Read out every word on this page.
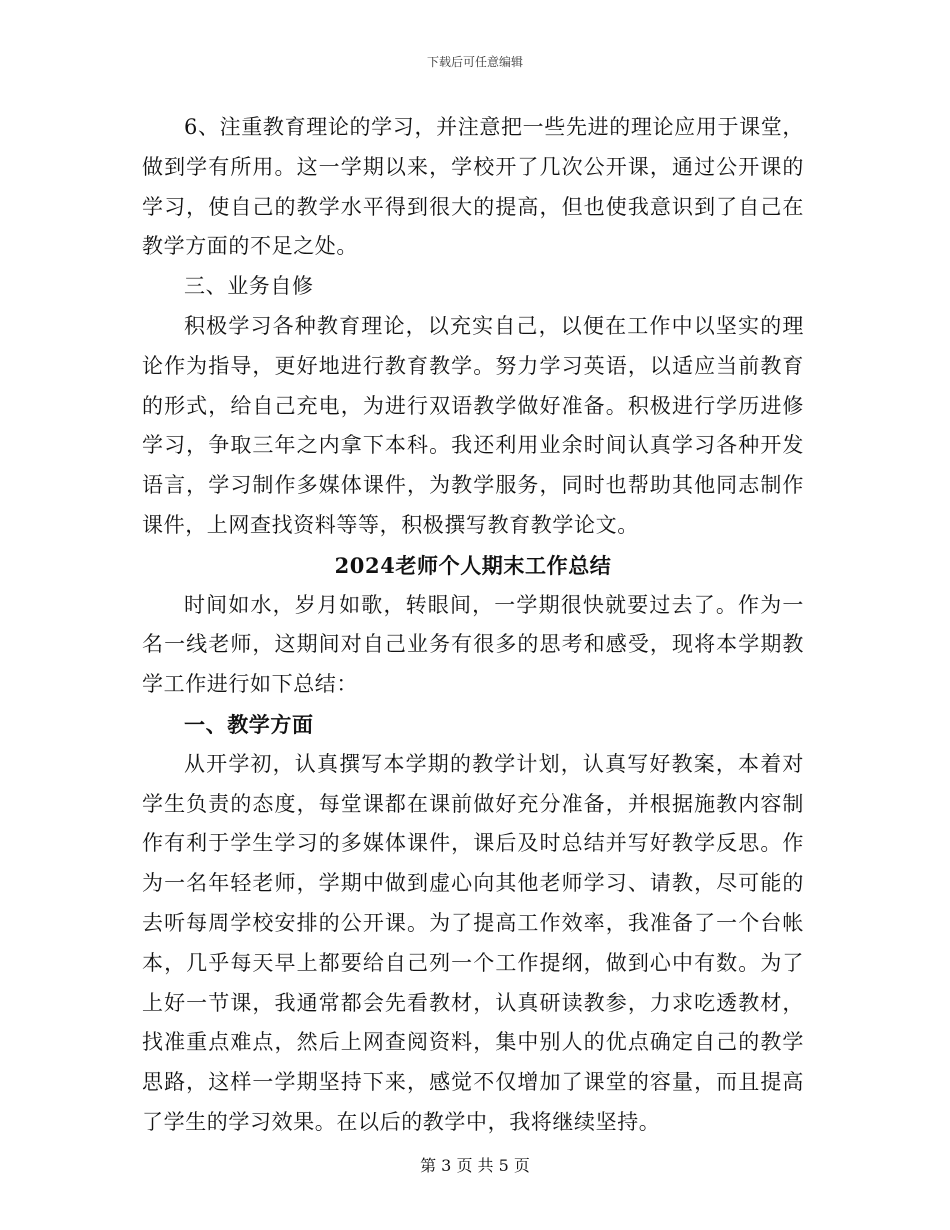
下载后可任意编辑

6、注重教育理论的学习，并注意把一些先进的理论应用于课堂，做到学有所用。这一学期以来，学校开了几次公开课，通过公开课的学习，使自己的教学水平得到很大的提高，但也使我意识到了自己在教学方面的不足之处。

三、业务自修

积极学习各种教育理论，以充实自己，以便在工作中以坚实的理论作为指导，更好地进行教育教学。努力学习英语，以适应当前教育的形式，给自己充电，为进行双语教学做好准备。积极进行学历进修学习，争取三年之内拿下本科。我还利用业余时间认真学习各种开发语言，学习制作多媒体课件，为教学服务，同时也帮助其他同志制作课件，上网查找资料等等，积极撰写教育教学论文。

2024老师个人期末工作总结

时间如水，岁月如歌，转眼间，一学期很快就要过去了。作为一名一线老师，这期间对自己业务有很多的思考和感受，现将本学期教学工作进行如下总结：

一、教学方面

从开学初，认真撰写本学期的教学计划，认真写好教案，本着对学生负责的态度，每堂课都在课前做好充分准备，并根据施教内容制作有利于学生学习的多媒体课件，课后及时总结并写好教学反思。作为一名年轻老师，学期中做到虚心向其他老师学习、请教，尽可能的去听每周学校安排的公开课。为了提高工作效率，我准备了一个台帐本，几乎每天早上都要给自己列一个工作提纲，做到心中有数。为了上好一节课，我通常都会先看教材，认真研读教参，力求吃透教材，找准重点难点，然后上网查阅资料，集中别人的优点确定自己的教学思路，这样一学期坚持下来，感觉不仅增加了课堂的容量，而且提高了学生的学习效果。在以后的教学中，我将继续坚持。

第 3 页 共 5 页
